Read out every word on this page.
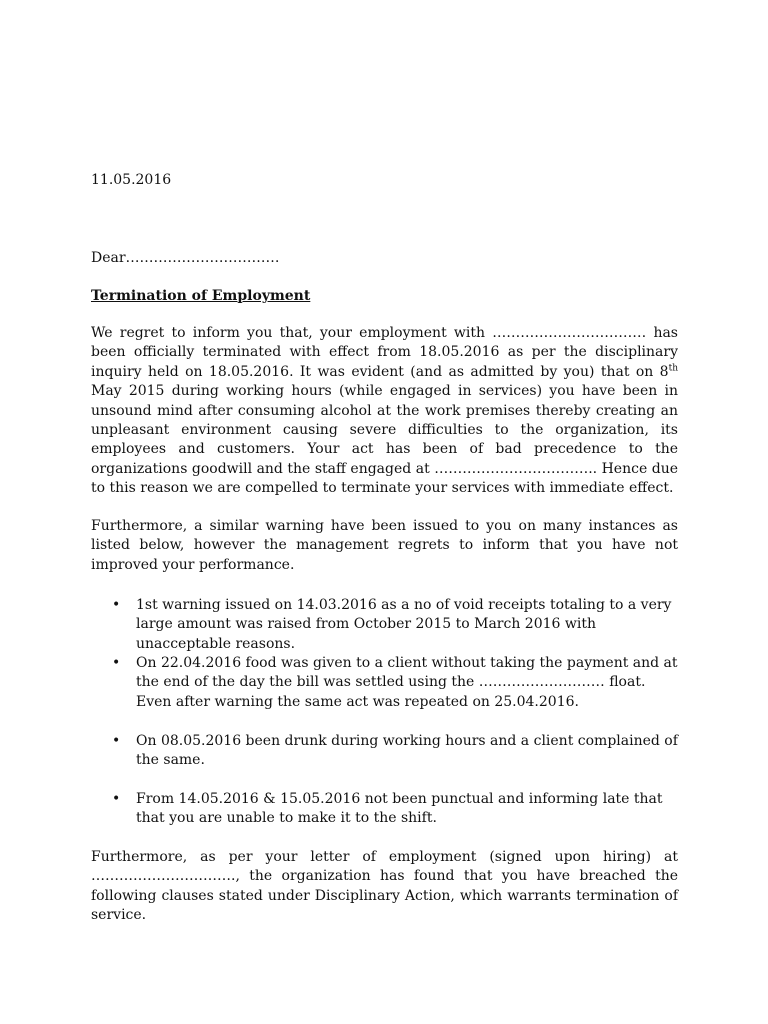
11.05.2016
Dear……………………………
Termination of Employment
We regret to inform you that, your employment with …………………………… has been officially terminated with effect from 18.05.2016 as per the disciplinary inquiry held on 18.05.2016. It was evident (and as admitted by you) that on 8th May 2015 during working hours (while engaged in services) you have been in unsound mind after consuming alcohol at the work premises thereby creating an unpleasant environment causing severe difficulties to the organization, its employees and customers. Your act has been of bad precedence to the organizations goodwill and the staff engaged at …………………………….. Hence due to this reason we are compelled to terminate your services with immediate effect.
Furthermore, a similar warning have been issued to you on many instances as listed below, however the management regrets to inform that you have not improved your performance.
• 1st warning issued on 14.03.2016 as a no of void receipts totaling to a very large amount was raised from October 2015 to March 2016 with unacceptable reasons.
• On 22.04.2016 food was given to a client without taking the payment and at the end of the day the bill was settled using the ……………………… float. Even after warning the same act was repeated on 25.04.2016.
• On 08.05.2016 been drunk during working hours and a client complained of the same.
• From 14.05.2016 & 15.05.2016 not been punctual and informing late that that you are unable to make it to the shift.
Furthermore, as per your letter of employment (signed upon hiring) at …………………………., the organization has found that you have breached the following clauses stated under Disciplinary Action, which warrants termination of service.
